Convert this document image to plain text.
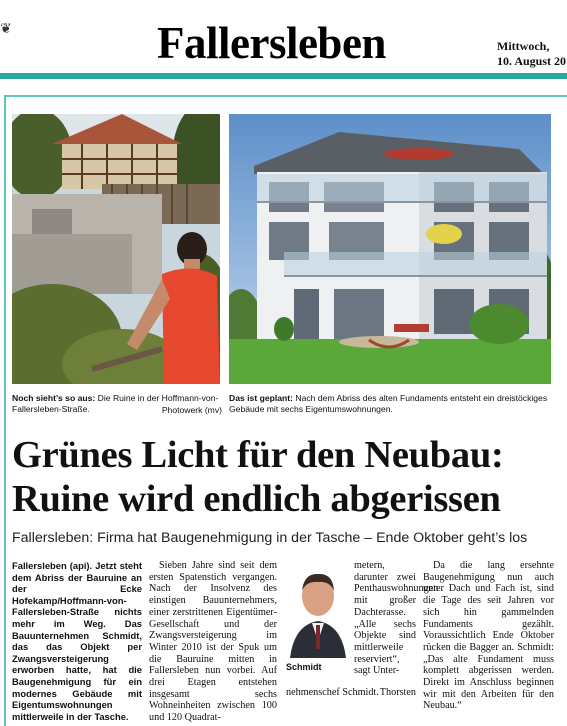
❦	Fallersleben	Mittwoch,
10. August 20
Noch sieht’s so aus: Die Ruine in der Hoffmann-von-Fallersleben-Straße.	Photowerk (mv)
Das ist geplant: Nach dem Abriss des alten Fundaments entsteht ein dreistöckiges Gebäude mit sechs Eigentumswohnungen.
Grünes Licht für den Neubau:
Ruine wird endlich abgerissen
Fallersleben: Firma hat Baugenehmigung in der Tasche – Ende Oktober geht’s los
Fallersleben (api). Jetzt steht dem Abriss der Bauruine an der Ecke Hofekamp/Hoffmann-von-Fallersleben-Straße nichts mehr im Weg. Das Bauunternehmen Schmidt, das das Objekt per Zwangsversteigerung erworben hatte, hat die Baugenehmigung für ein modernes Gebäude mit Eigentumswohnungen mittlerweile in der Tasche.

Sieben Jahre sind seit dem ersten Spatenstich vergangen. Nach der Insolvenz des einstigen Bauunternehmers, einer zerstrittenen Eigentümer-Gesellschaft und der Zwangsversteigerung im Winter 2010 ist der Spuk um die Bauruine mitten in Fallersleben nun vorbei. Auf drei Etagen entstehen insgesamt sechs Wohneinheiten zwischen 100 und 120 Quadrat-

Schmidt

metern, darunter zwei Penthauswohnungen mit großer Dachterasse. „Alle sechs Objekte sind mittlerweile reserviert“, sagt Unter-

Thorsten
nehmenschef Schmidt.

Da die lang ersehnte Baugenehmigung nun auch unter Dach und Fach ist, sind die Tage des seit Jahren vor sich hin gammelnden Fundaments gezählt. Voraussichtlich Ende Oktober rücken die Bagger an. Schmidt: „Das alte Fundament muss komplett abgerissen werden. Direkt im Anschluss beginnen wir mit den Arbeiten für den Neubau.“
